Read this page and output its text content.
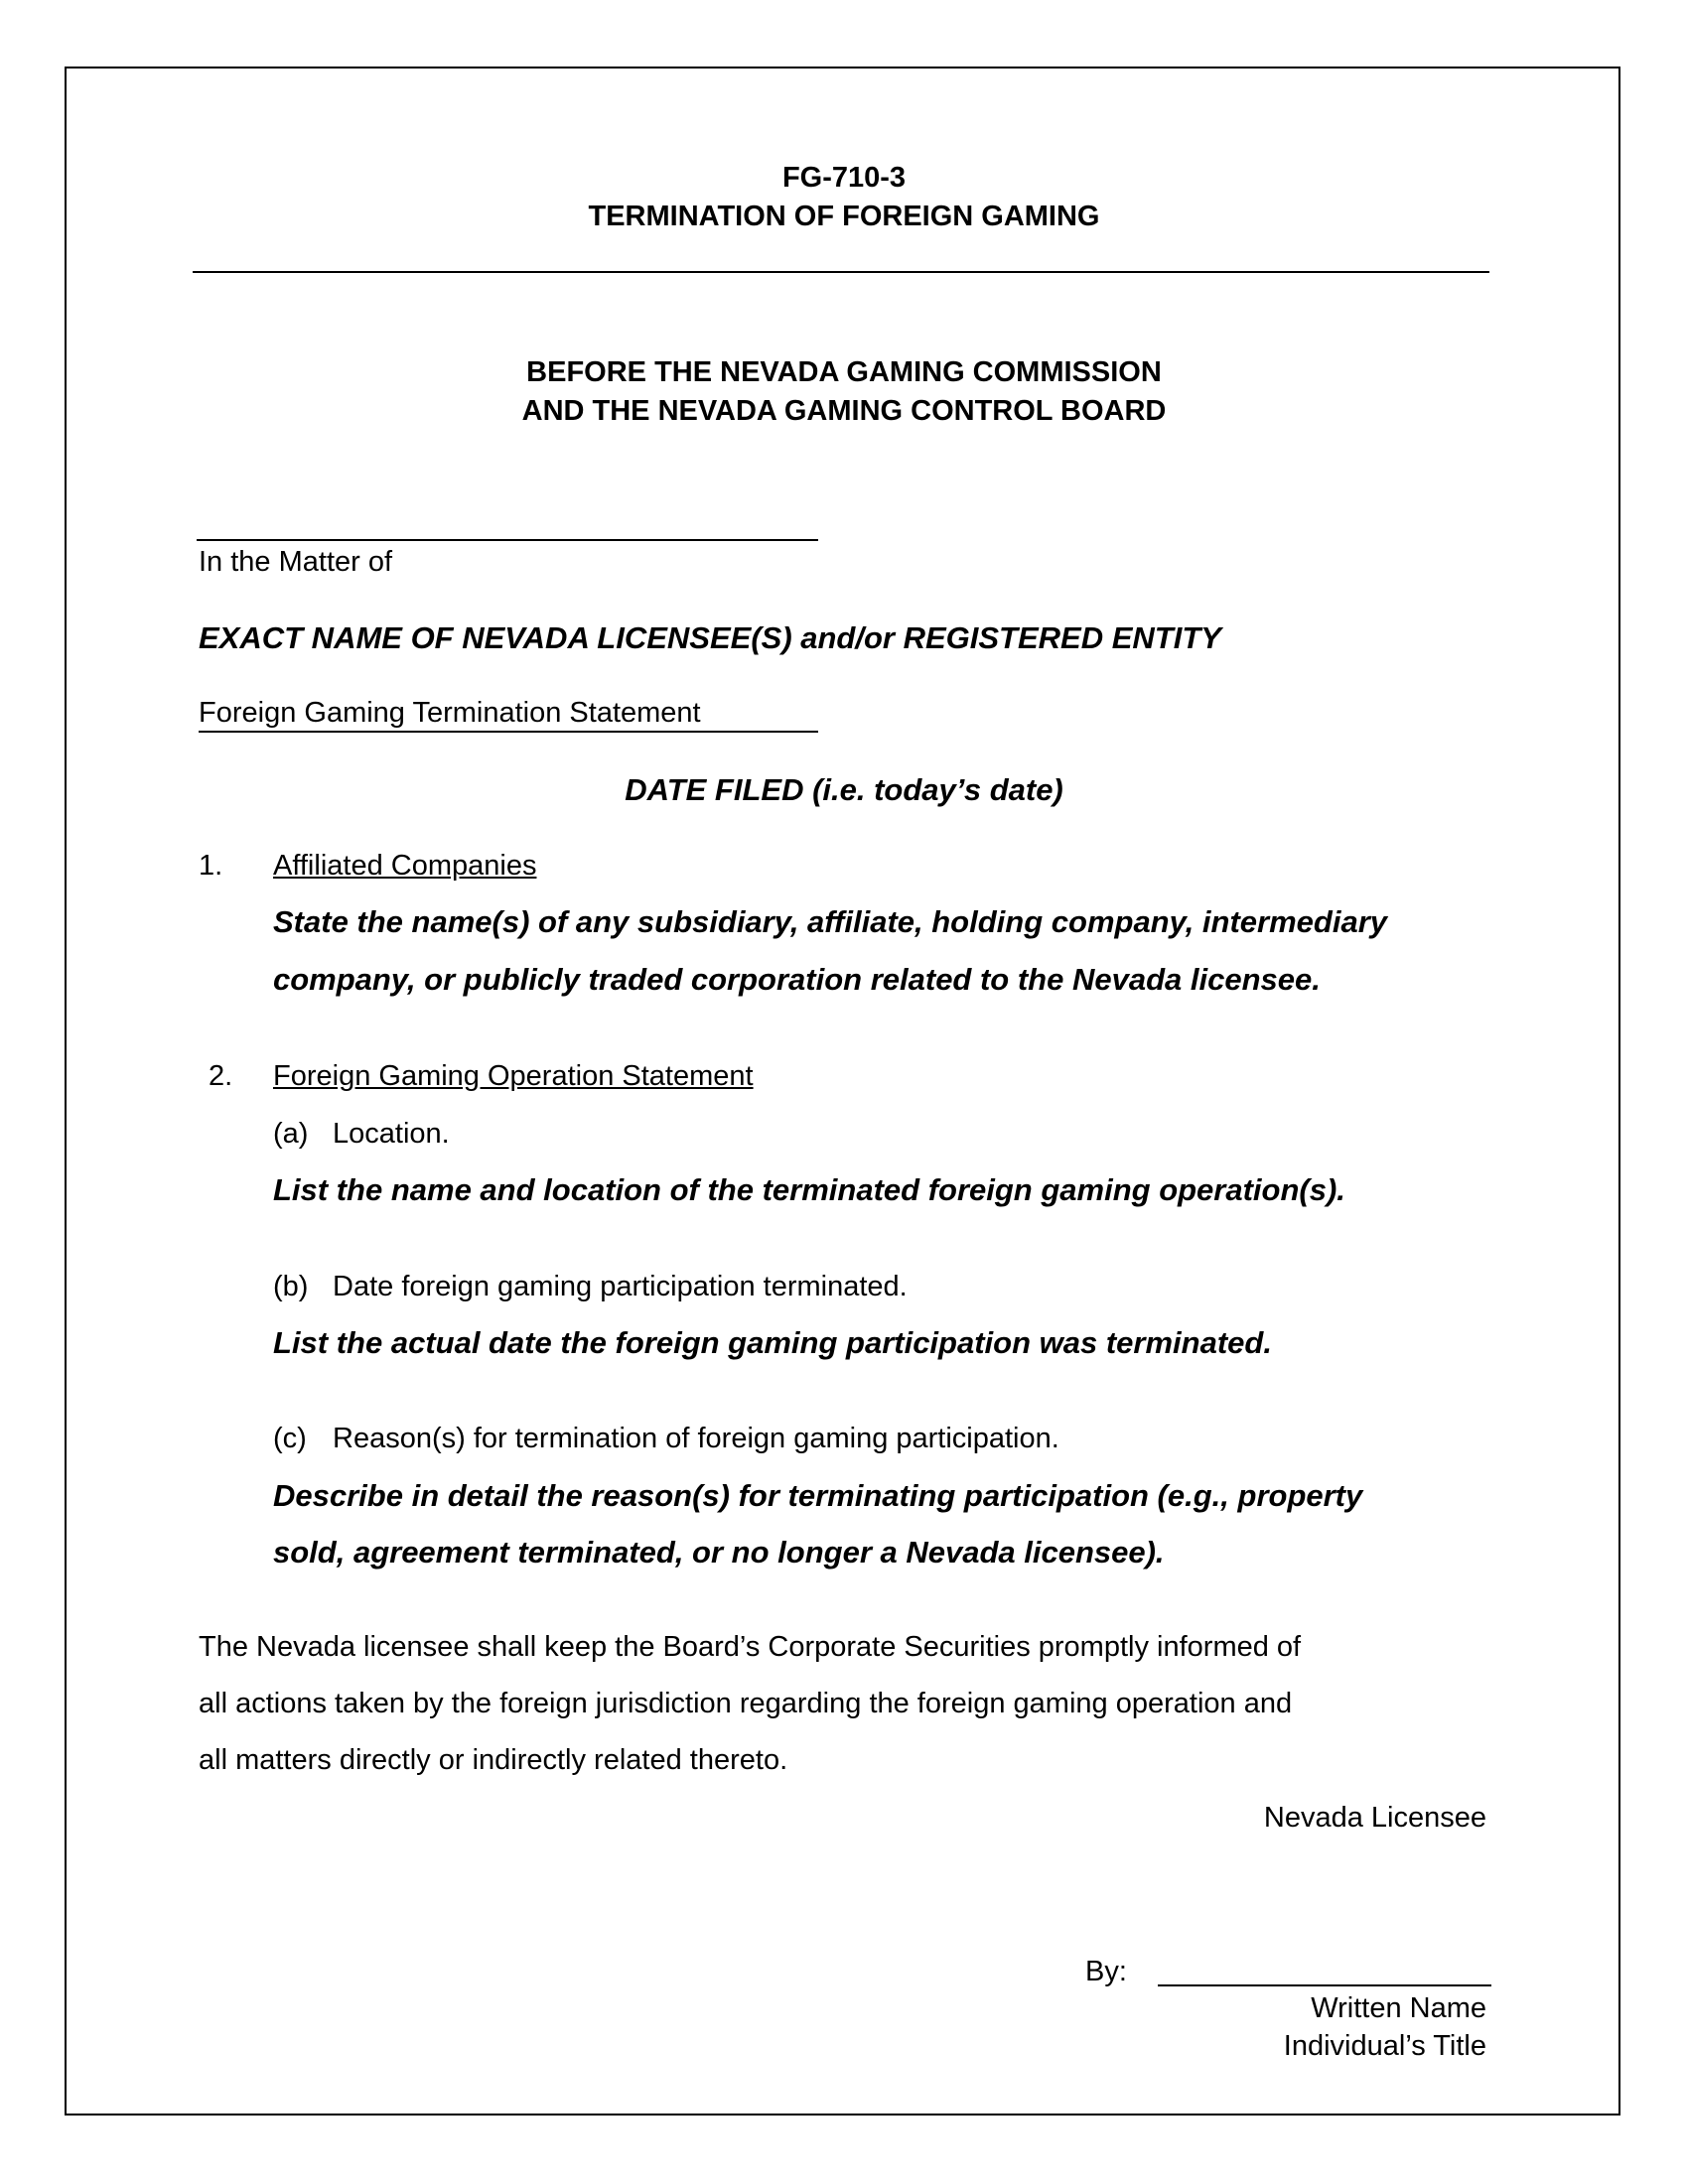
FG-710-3
TERMINATION OF FOREIGN GAMING
BEFORE THE NEVADA GAMING COMMISSION
AND THE NEVADA GAMING CONTROL BOARD
In the Matter of
EXACT NAME OF NEVADA LICENSEE(S) and/or REGISTERED ENTITY
Foreign Gaming Termination Statement
DATE FILED (i.e. today’s date)
1. Affiliated Companies
State the name(s) of any subsidiary, affiliate, holding company, intermediary
company, or publicly traded corporation related to the Nevada licensee.
2. Foreign Gaming Operation Statement
(a) Location.
List the name and location of the terminated foreign gaming operation(s).
(b) Date foreign gaming participation terminated.
List the actual date the foreign gaming participation was terminated.
(c) Reason(s) for termination of foreign gaming participation.
Describe in detail the reason(s) for terminating participation (e.g., property
sold, agreement terminated, or no longer a Nevada licensee).
The Nevada licensee shall keep the Board’s Corporate Securities promptly informed of
all actions taken by the foreign jurisdiction regarding the foreign gaming operation and
all matters directly or indirectly related thereto.
Nevada Licensee
By:
Written Name
Individual’s Title
